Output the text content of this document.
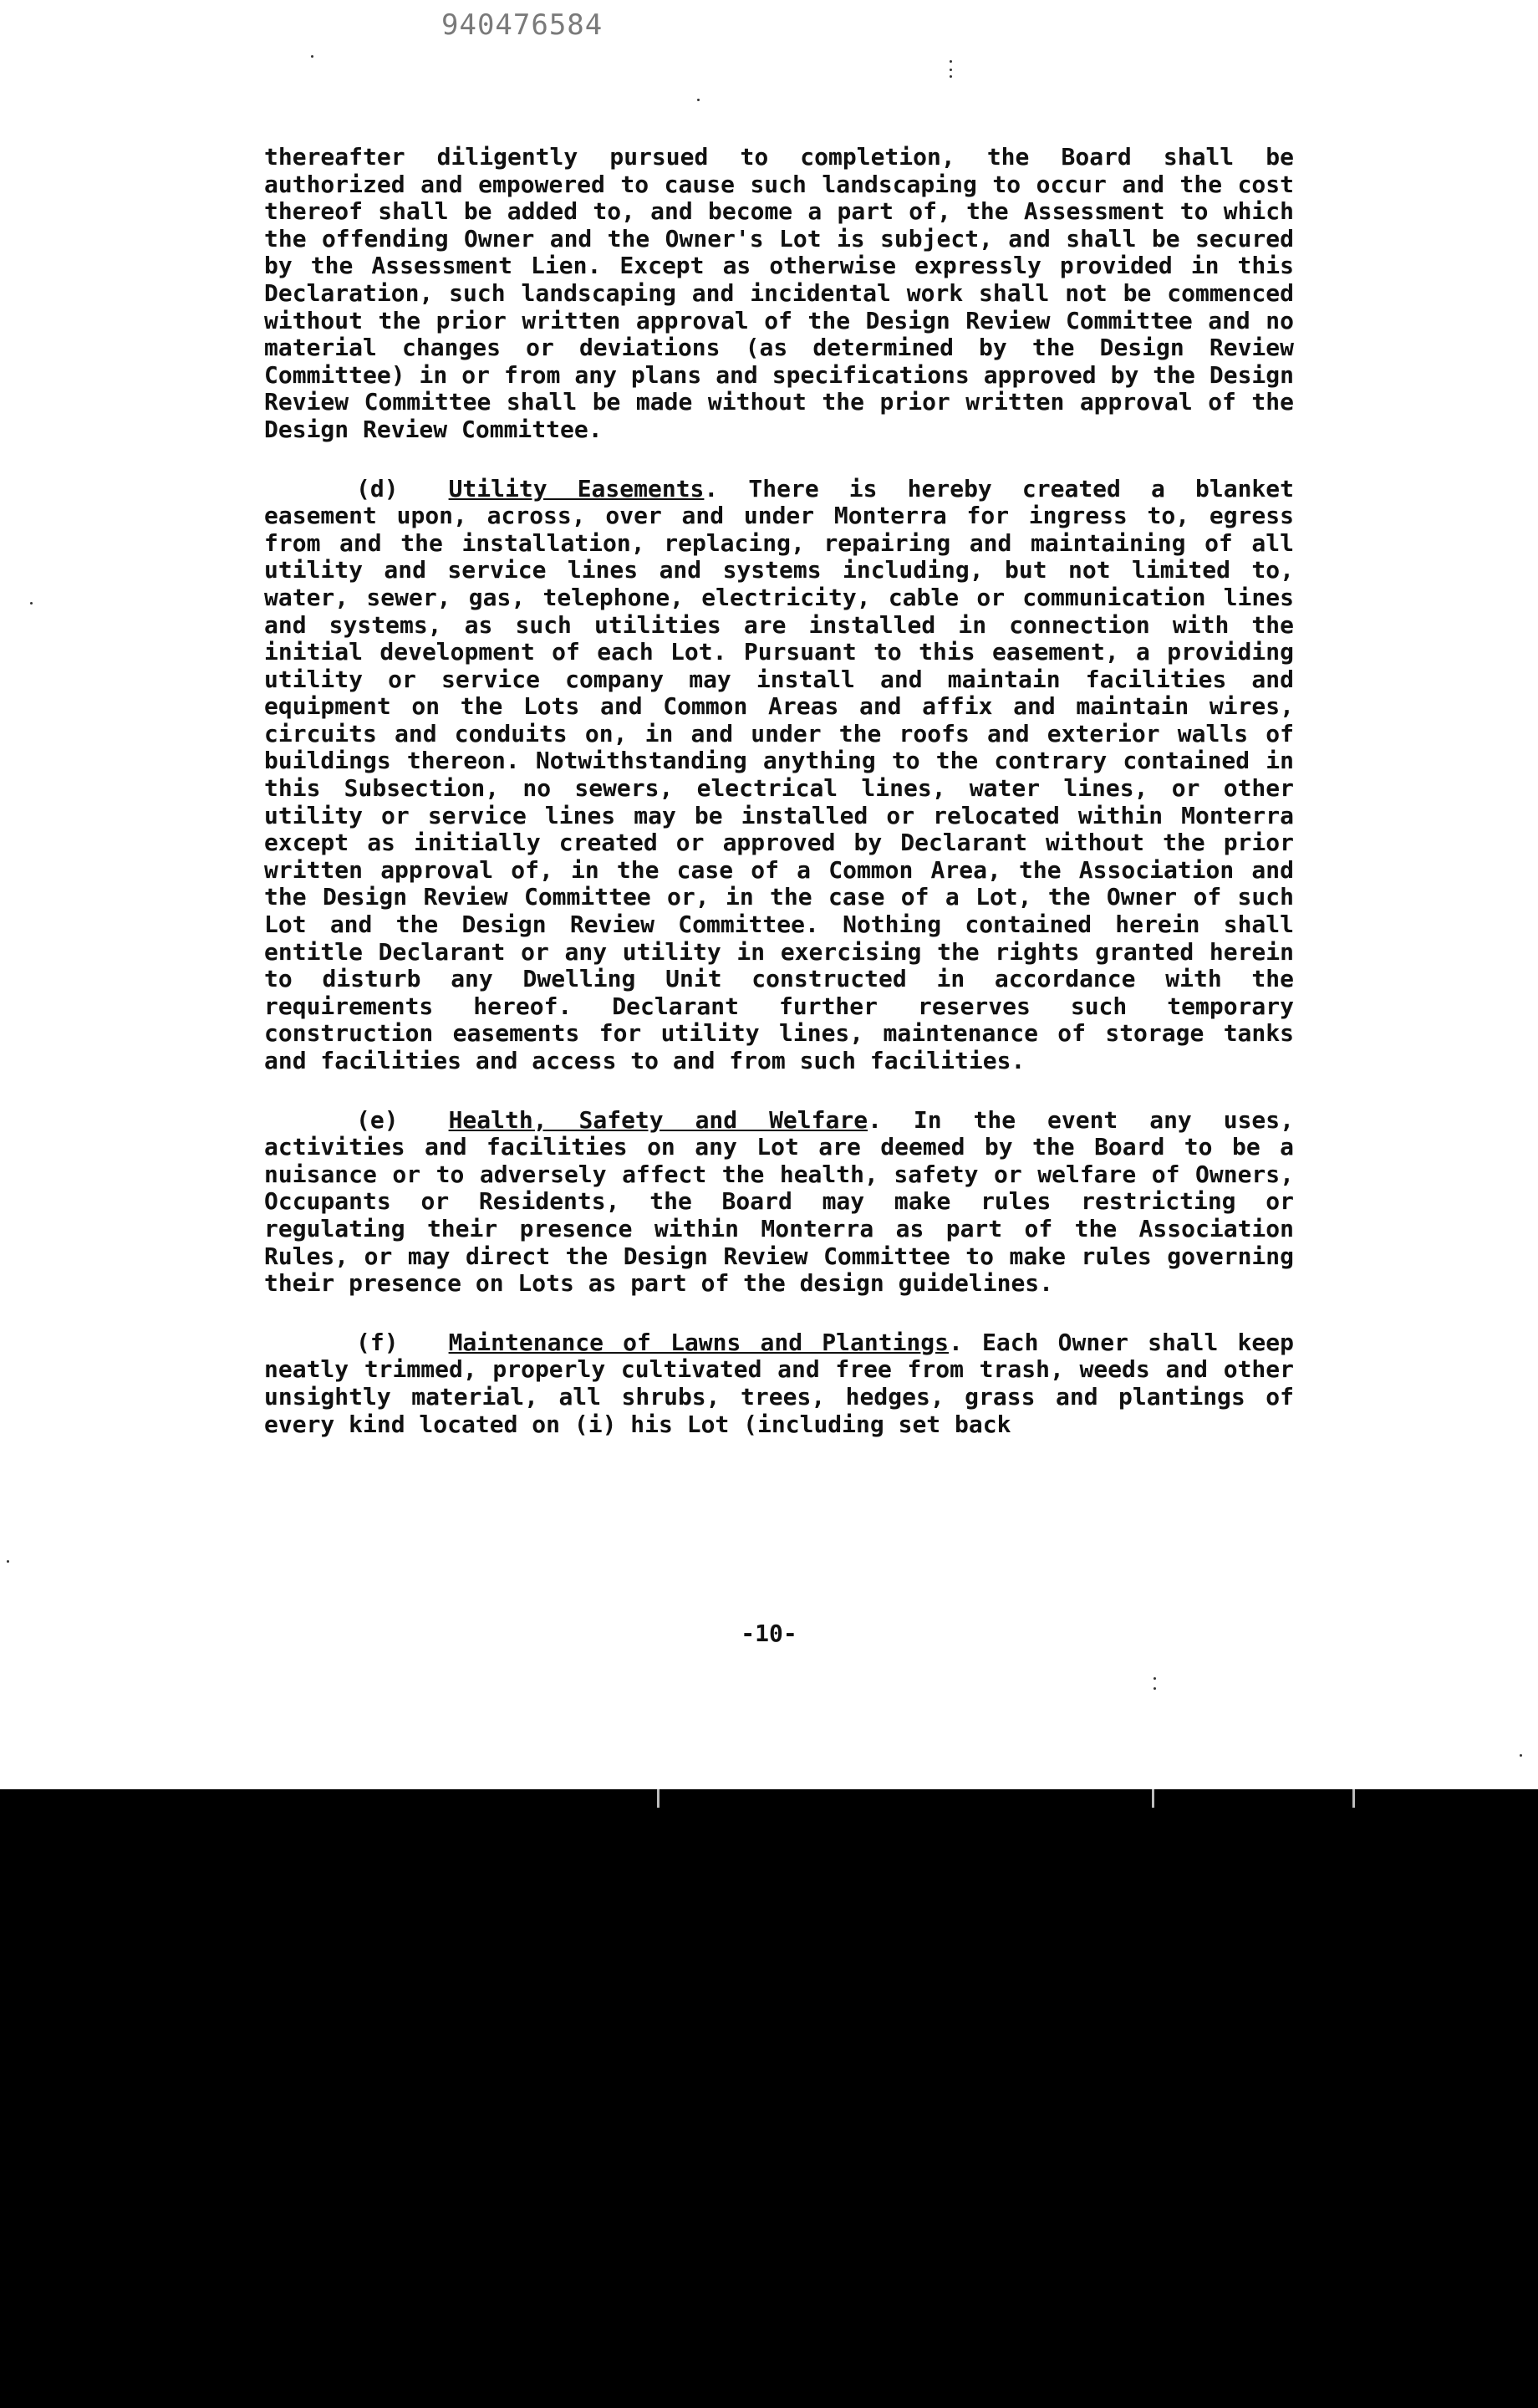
940476584

thereafter diligently pursued to completion, the Board shall be authorized and empowered to cause such landscaping to occur and the cost thereof shall be added to, and become a part of, the Assessment to which the offending Owner and the Owner's Lot is subject, and shall be secured by the Assessment Lien. Except as otherwise expressly provided in this Declaration, such landscaping and incidental work shall not be commenced without the prior written approval of the Design Review Committee and no material changes or deviations (as determined by the Design Review Committee) in or from any plans and specifications approved by the Design Review Committee shall be made without the prior written approval of the Design Review Committee.

(d) Utility Easements. There is hereby created a blanket easement upon, across, over and under Monterra for ingress to, egress from and the installation, replacing, repairing and maintaining of all utility and service lines and systems including, but not limited to, water, sewer, gas, telephone, electricity, cable or communication lines and systems, as such utilities are installed in connection with the initial development of each Lot. Pursuant to this easement, a providing utility or service company may install and maintain facilities and equipment on the Lots and Common Areas and affix and maintain wires, circuits and conduits on, in and under the roofs and exterior walls of buildings thereon. Notwithstanding anything to the contrary contained in this Subsection, no sewers, electrical lines, water lines, or other utility or service lines may be installed or relocated within Monterra except as initially created or approved by Declarant without the prior written approval of, in the case of a Common Area, the Association and the Design Review Committee or, in the case of a Lot, the Owner of such Lot and the Design Review Committee. Nothing contained herein shall entitle Declarant or any utility in exercising the rights granted herein to disturb any Dwelling Unit constructed in accordance with the requirements hereof. Declarant further reserves such temporary construction easements for utility lines, maintenance of storage tanks and facilities and access to and from such facilities.

(e) Health, Safety and Welfare. In the event any uses, activities and facilities on any Lot are deemed by the Board to be a nuisance or to adversely affect the health, safety or welfare of Owners, Occupants or Residents, the Board may make rules restricting or regulating their presence within Monterra as part of the Association Rules, or may direct the Design Review Committee to make rules governing their presence on Lots as part of the design guidelines.

(f) Maintenance of Lawns and Plantings. Each Owner shall keep neatly trimmed, properly cultivated and free from trash, weeds and other unsightly material, all shrubs, trees, hedges, grass and plantings of every kind located on (i) his Lot (including set back

-10-
